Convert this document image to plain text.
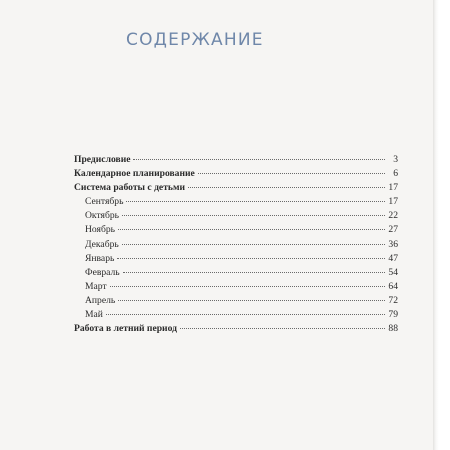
СОДЕРЖАНИЕ
Предисловие	3
Календарное планирование	6
Система работы с детьми	17
Сентябрь	17
Октябрь	22
Ноябрь	27
Декабрь	36
Январь	47
Февраль	54
Март	64
Апрель	72
Май	79
Работа в летний период	88
